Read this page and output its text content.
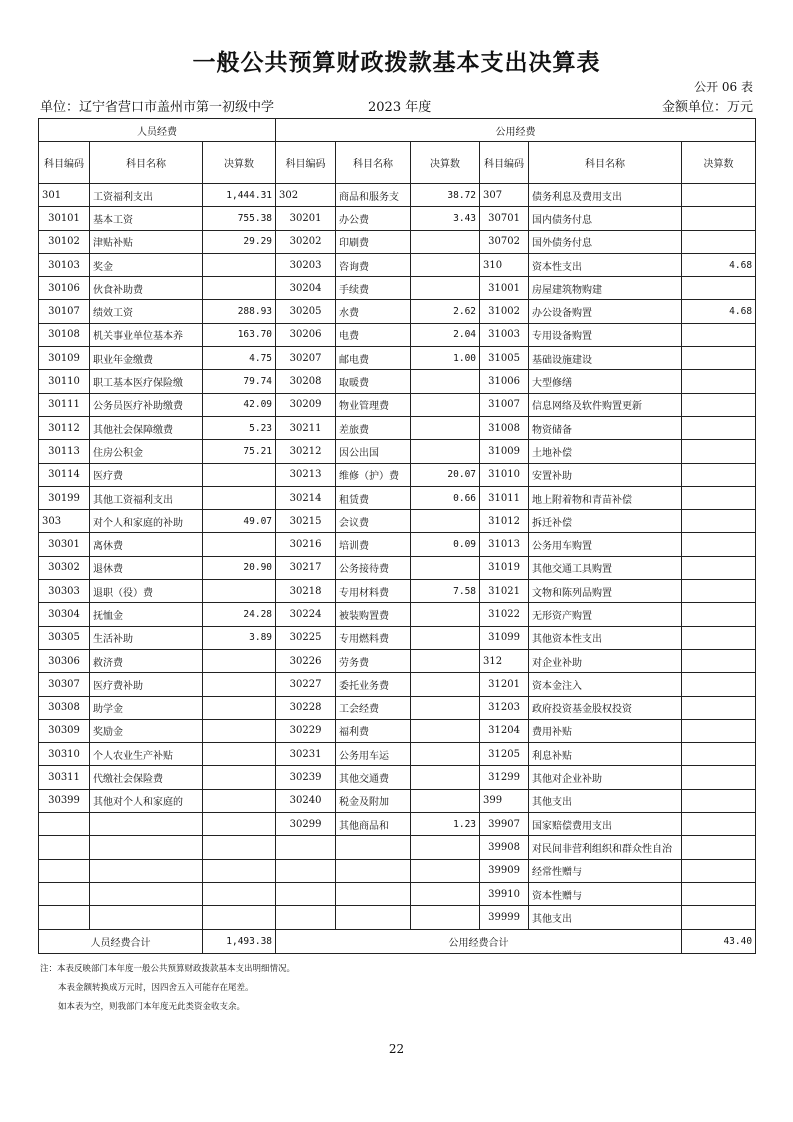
一般公共预算财政拨款基本支出决算表
公开 06 表
单位：辽宁省营口市盖州市第一初级中学	2023 年度	金额单位：万元
人员经费			公用经费					
科目编码	科目名称	决算数	科目编码	科目名称	决算数	科目编码	科目名称	决算数
301	工资福利支出	1,444.31	302	商品和服务支	38.72	307	债务利息及费用支出	
30101	基本工资	755.38	30201	办公费	3.43	30701	国内债务付息	
30102	津贴补贴	29.29	30202	印刷费		30702	国外债务付息	
30103	奖金		30203	咨询费		310	资本性支出	4.68
30106	伙食补助费		30204	手续费		31001	房屋建筑物购建	
30107	绩效工资	288.93	30205	水费	2.62	31002	办公设备购置	4.68
30108	机关事业单位基本养	163.70	30206	电费	2.04	31003	专用设备购置	
30109	职业年金缴费	4.75	30207	邮电费	1.00	31005	基础设施建设	
30110	职工基本医疗保险缴	79.74	30208	取暖费		31006	大型修缮	
30111	公务员医疗补助缴费	42.09	30209	物业管理费		31007	信息网络及软件购置更新	
30112	其他社会保障缴费	5.23	30211	差旅费		31008	物资储备	
30113	住房公积金	75.21	30212	因公出国		31009	土地补偿	
30114	医疗费		30213	维修（护）费	20.07	31010	安置补助	
30199	其他工资福利支出		30214	租赁费	0.66	31011	地上附着物和青苗补偿	
303	对个人和家庭的补助	49.07	30215	会议费		31012	拆迁补偿	
30301	离休费		30216	培训费	0.09	31013	公务用车购置	
30302	退休费	20.90	30217	公务接待费		31019	其他交通工具购置	
30303	退职（役）费		30218	专用材料费	7.58	31021	文物和陈列品购置	
30304	抚恤金	24.28	30224	被装购置费		31022	无形资产购置	
30305	生活补助	3.89	30225	专用燃料费		31099	其他资本性支出	
30306	救济费		30226	劳务费		312	对企业补助	
30307	医疗费补助		30227	委托业务费		31201	资本金注入	
30308	助学金		30228	工会经费		31203	政府投资基金股权投资	
30309	奖励金		30229	福利费		31204	费用补贴	
30310	个人农业生产补贴		30231	公务用车运		31205	利息补贴	
30311	代缴社会保险费		30239	其他交通费		31299	其他对企业补助	
30399	其他对个人和家庭的		30240	税金及附加		399	其他支出	
			30299	其他商品和	1.23	39907	国家赔偿费用支出	
						39908	对民间非营利组织和群众性自治	
						39909	经常性赠与	
						39910	资本性赠与	
						39999	其他支出	
人员经费合计		1,493.38	公用经费合计					43.40
注：本表反映部门本年度一般公共预算财政拨款基本支出明细情况。
本表金额转换成万元时，因四舍五入可能存在尾差。
如本表为空，则我部门本年度无此类资金收支余。
22
